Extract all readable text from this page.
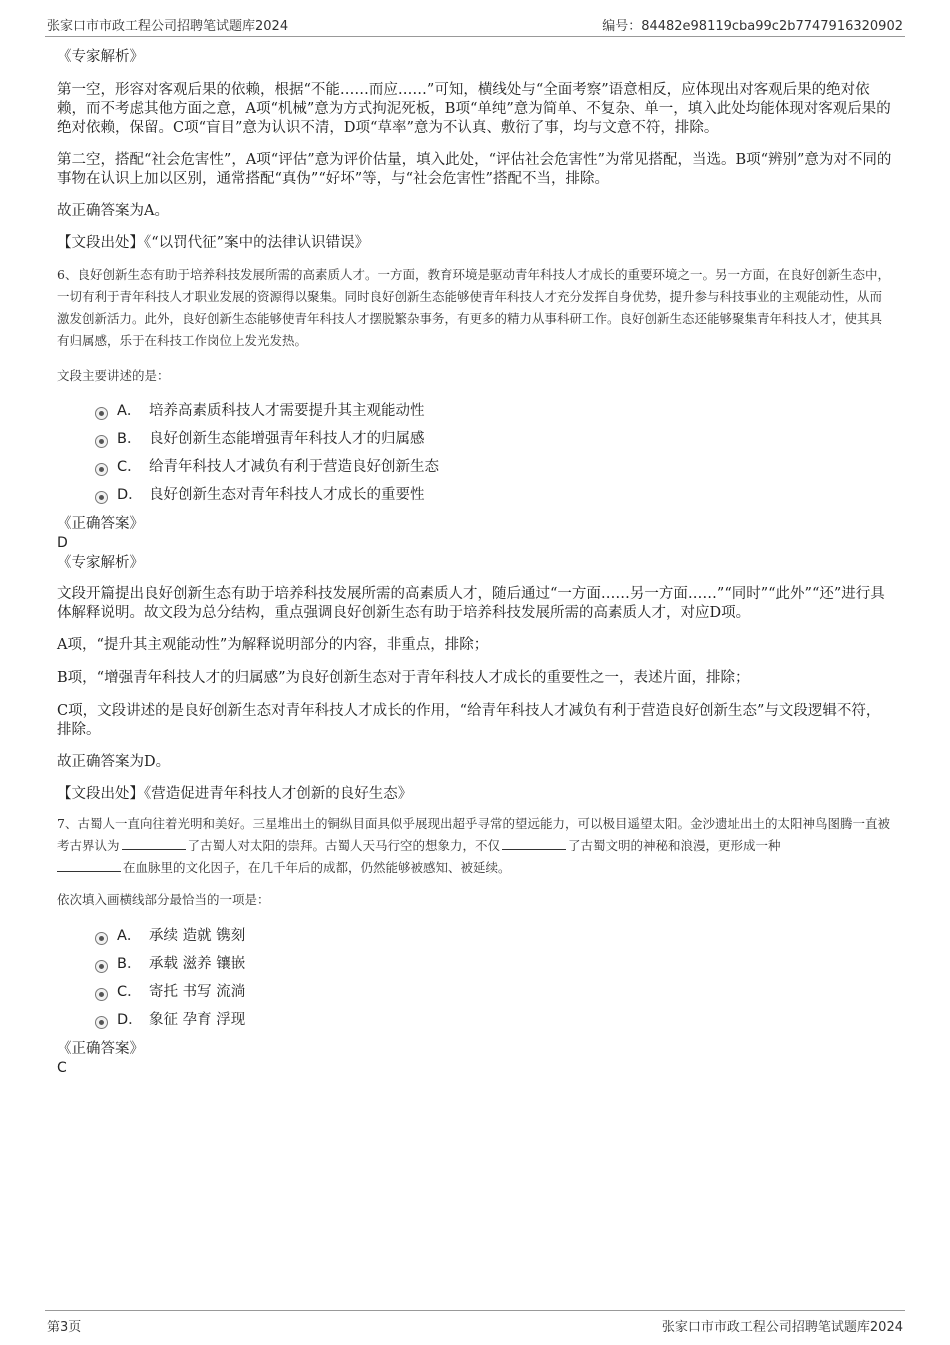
张家口市市政工程公司招聘笔试题库2024	编号：84482e98119cba99c2b7747916320902

《专家解析》

第一空，形容对客观后果的依赖，根据“不能……而应……”可知，横线处与“全面考察”语意相反，应体现出对客观后果的绝对依赖，而不考虑其他方面之意，A项“机械”意为方式拘泥死板，B项“单纯”意为简单、不复杂、单一，填入此处均能体现对客观后果的绝对依赖，保留。C项“盲目”意为认识不清，D项“草率”意为不认真、敷衍了事，均与文意不符，排除。

第二空，搭配“社会危害性”，A项“评估”意为评价估量，填入此处，“评估社会危害性”为常见搭配，当选。B项“辨别”意为对不同的事物在认识上加以区别，通常搭配“真伪”“好坏”等，与“社会危害性”搭配不当，排除。

故正确答案为A。

【文段出处】《“以罚代征”案中的法律认识错误》

6、良好创新生态有助于培养科技发展所需的高素质人才。一方面，教育环境是驱动青年科技人才成长的重要环境之一。另一方面，在良好创新生态中，一切有利于青年科技人才职业发展的资源得以聚集。同时良好创新生态能够使青年科技人才充分发挥自身优势，提升参与科技事业的主观能动性，从而激发创新活力。此外，良好创新生态能够使青年科技人才摆脱繁杂事务，有更多的精力从事科研工作。良好创新生态还能够聚集青年科技人才，使其具有归属感，乐于在科技工作岗位上发光发热。

文段主要讲述的是：

A． 培养高素质科技人才需要提升其主观能动性
B． 良好创新生态能增强青年科技人才的归属感
C． 给青年科技人才减负有利于营造良好创新生态
D． 良好创新生态对青年科技人才成长的重要性

《正确答案》

D

《专家解析》

文段开篇提出良好创新生态有助于培养科技发展所需的高素质人才，随后通过“一方面……另一方面……”“同时”“此外”“还”进行具体解释说明。故文段为总分结构，重点强调良好创新生态有助于培养科技发展所需的高素质人才，对应D项。

A项，“提升其主观能动性”为解释说明部分的内容，非重点，排除；

B项，“增强青年科技人才的归属感”为良好创新生态对于青年科技人才成长的重要性之一，表述片面，排除；

C项，文段讲述的是良好创新生态对青年科技人才成长的作用，“给青年科技人才减负有利于营造良好创新生态”与文段逻辑不符，排除。

故正确答案为D。

【文段出处】《营造促进青年科技人才创新的良好生态》

7、古蜀人一直向往着光明和美好。三星堆出土的铜纵目面具似乎展现出超乎寻常的望远能力，可以极目遥望太阳。金沙遗址出土的太阳神鸟图腾一直被考古界认为	了古蜀人对太阳的崇拜。古蜀人天马行空的想象力，不仅	了古蜀文明的神秘和浪漫，更形成一种
在血脉里的文化因子，在几千年后的成都，仍然能够被感知、被延续。

依次填入画横线部分最恰当的一项是：

A． 承续 造就 镌刻
B． 承载 滋养 镶嵌
C． 寄托 书写 流淌
D． 象征 孕育 浮现

《正确答案》

C

第3页	张家口市市政工程公司招聘笔试题库2024
